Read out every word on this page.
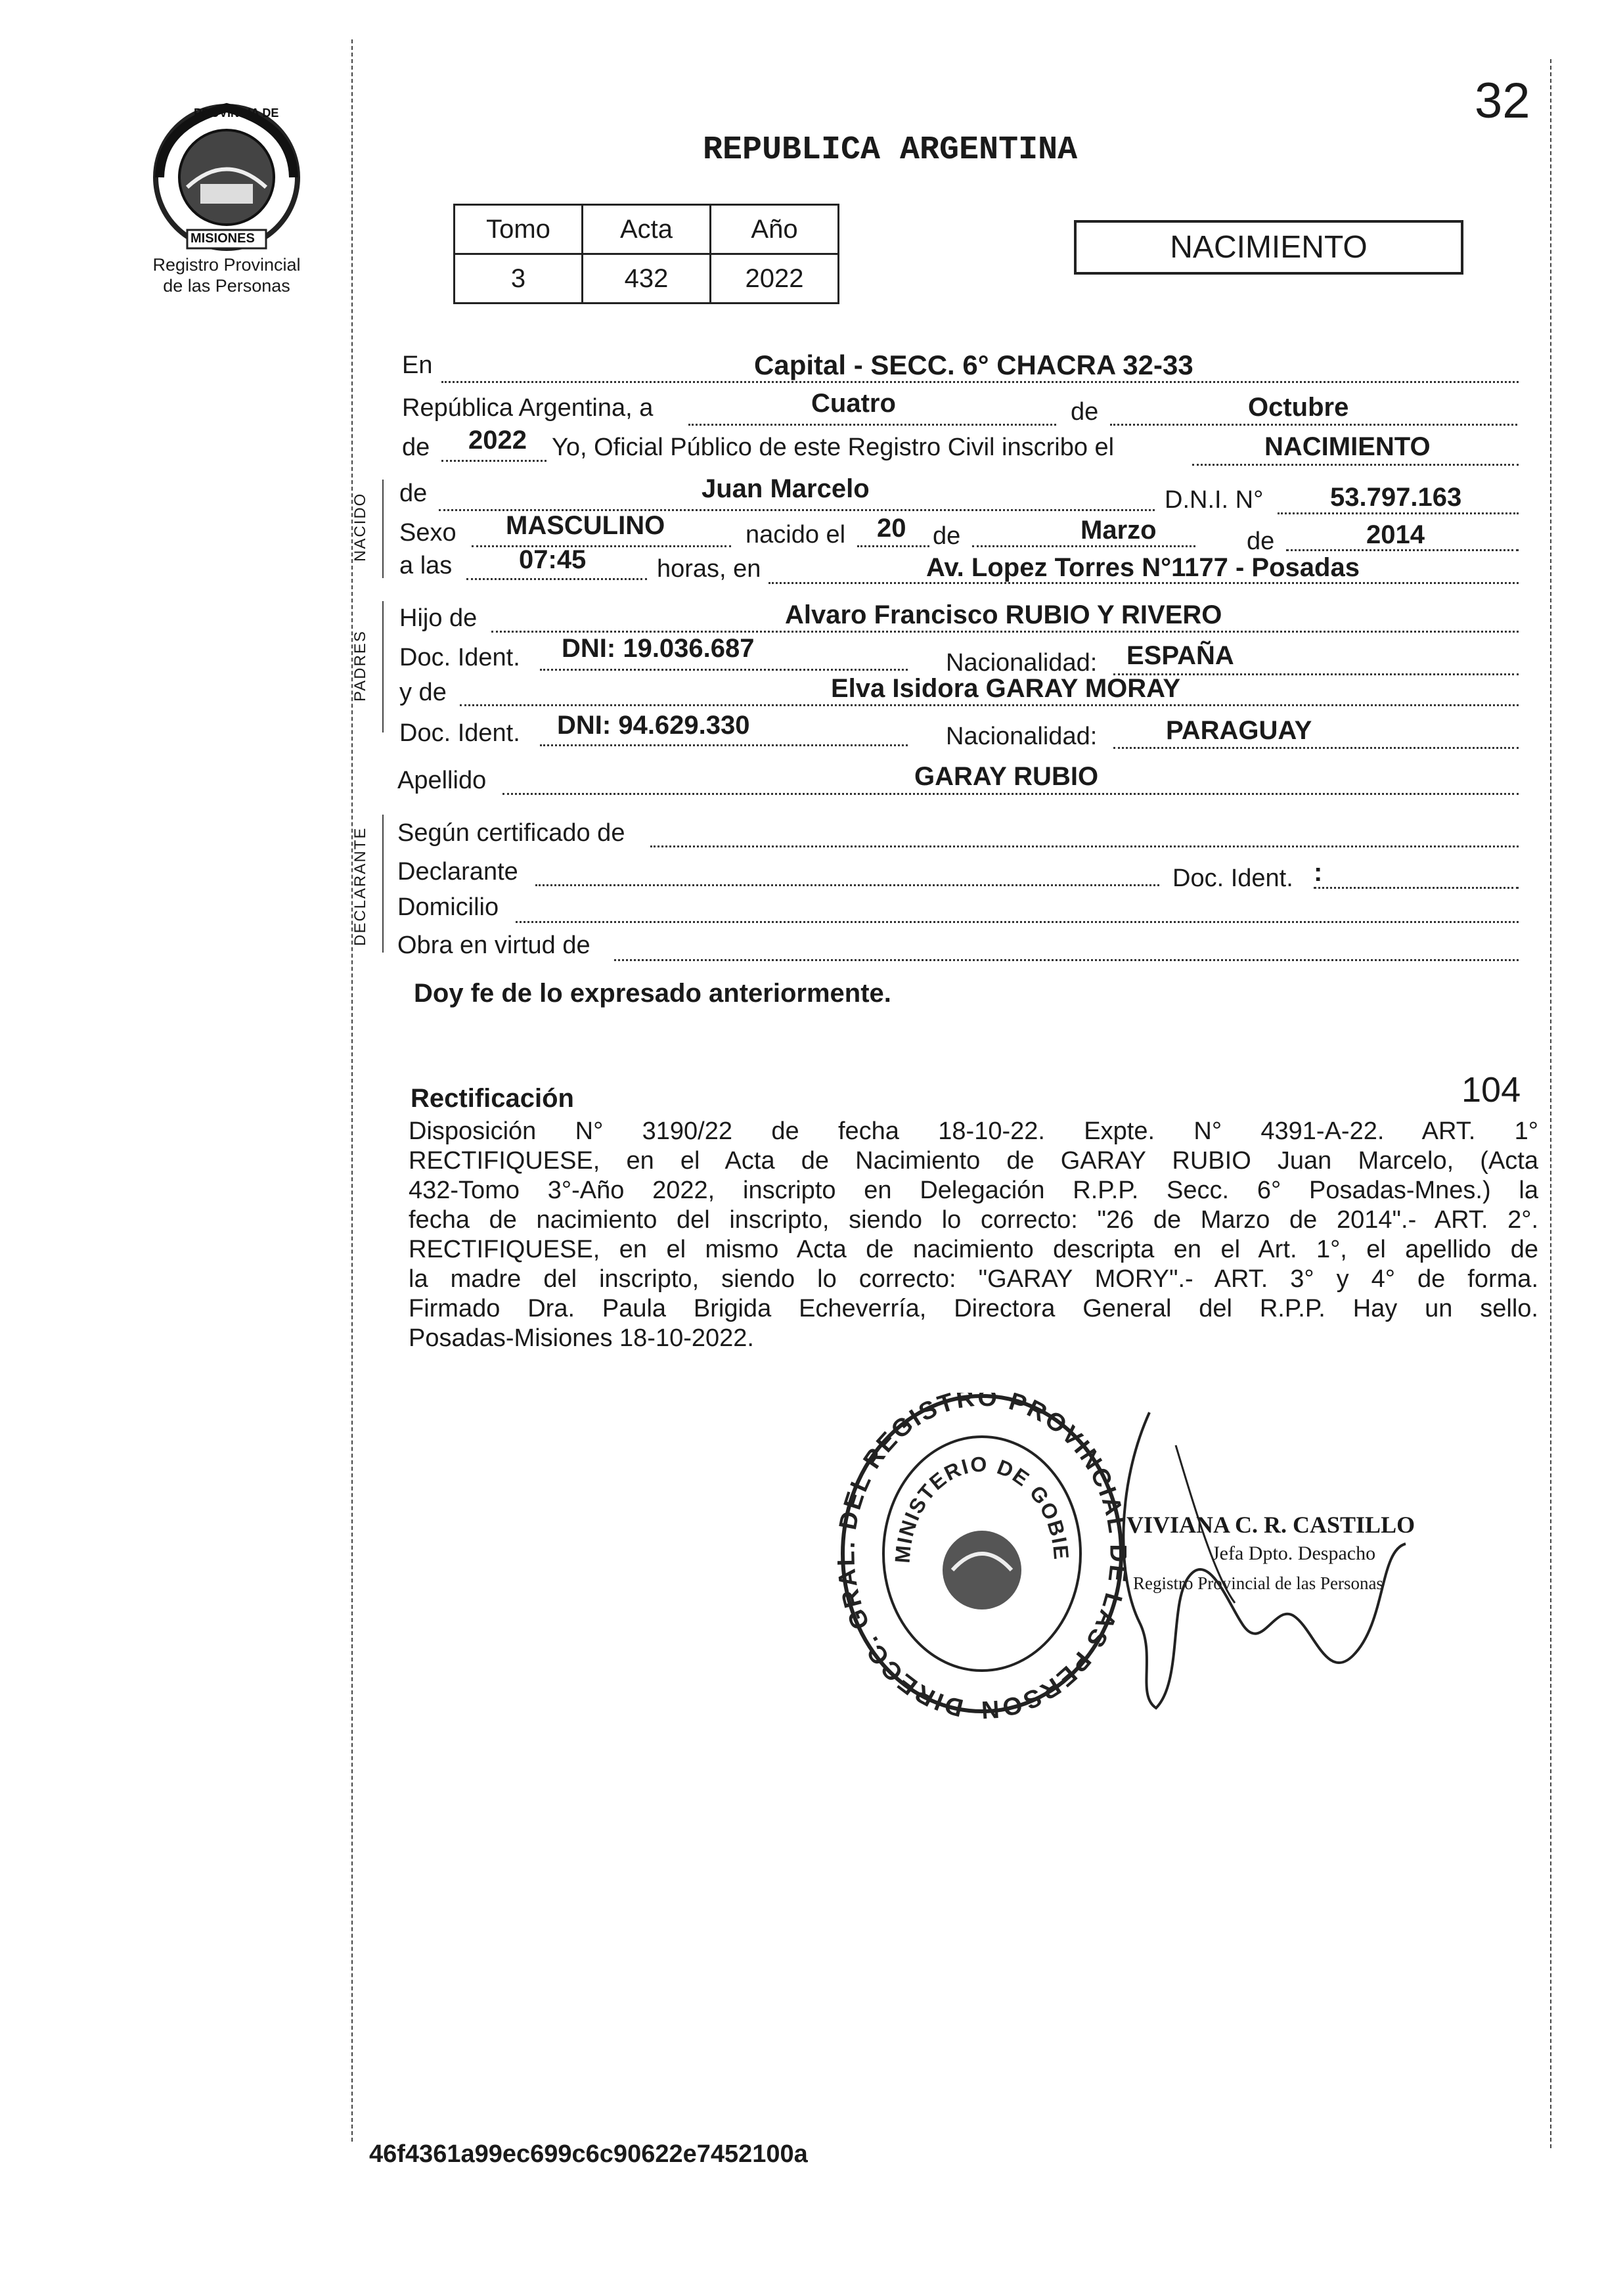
32
Registro Provincial
de las Personas
PROVINCIA DE
MISIONES
REPUBLICA ARGENTINA
Tomo	Acta	Año
3	432	2022
NACIMIENTO
En	Capital - SECC. 6° CHACRA 32-33
República Argentina, a	Cuatro	de	Octubre
de 2022 Yo, Oficial Público de este Registro Civil inscribo el	NACIMIENTO
NACIDO de	Juan Marcelo	D.N.I. N°	53.797.163
Sexo MASCULINO	nacido el 20 de	Marzo	de	2014
a las	07:45	horas, en	Av. Lopez Torres N°1177 - Posadas
PADRES
Hijo de	Alvaro Francisco RUBIO Y RIVERO
Doc. Ident. DNI: 19.036.687	Nacionalidad: ESPAÑA
y de	Elva Isidora GARAY MORAY
Doc. Ident. DNI: 94.629.330	Nacionalidad:	PARAGUAY
Apellido	GARAY RUBIO
DECLARANTE Según certificado de
Declarante	Doc. Ident. :
Domicilio
Obra en virtud de
Doy fe de lo expresado anteriormente.
Rectificación	104
Disposición N° 3190/22 de fecha 18-10-22. Expte. N° 4391-A-22. ART. 1°
RECTIFIQUESE, en el Acta de Nacimiento de GARAY RUBIO Juan Marcelo, (Acta
432-Tomo 3°-Año 2022, inscripto en Delegación R.P.P. Secc. 6° Posadas-Mnes.) la
fecha de nacimiento del inscripto, siendo lo correcto: "26 de Marzo de 2014".- ART. 2°.
RECTIFIQUESE, en el mismo Acta de nacimiento descripta en el Art. 1°, el apellido de
la madre del inscripto, siendo lo correcto: "GARAY MORY".- ART. 3° y 4° de forma.
Firmado Dra. Paula Brigida Echeverría, Directora General del R.P.P. Hay un sello.
Posadas-Misiones 18-10-2022.
DIRECC. GR EL REGISTRO PROVINCIA LAS PERSON
MINISTERIO DE GOBIE
VIVIANA C. R. CASTILLO
Jefa Dpto. Despacho
Registro Provincial de las Personas
46f4361a99ec699c6c90622e7452100a
